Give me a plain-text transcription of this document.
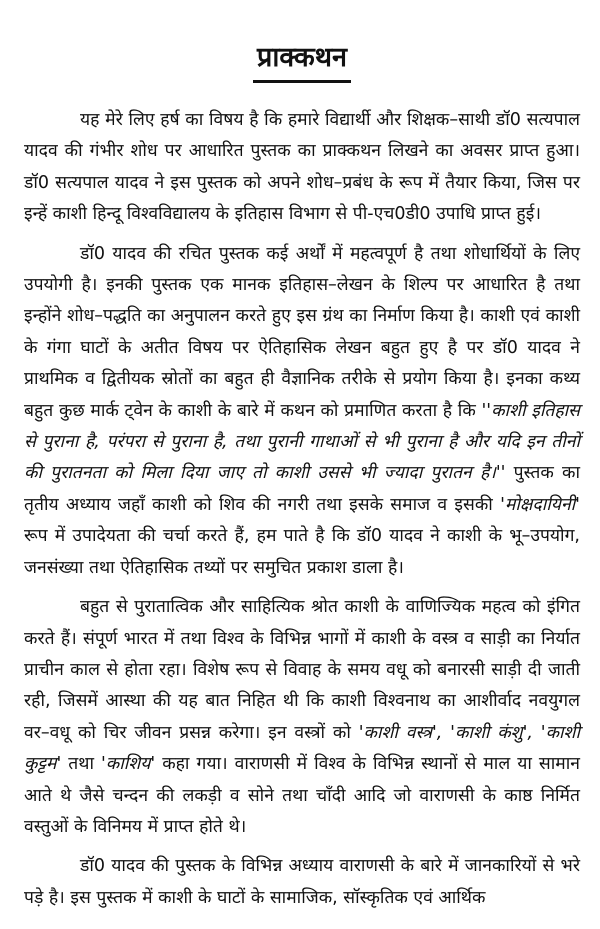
प्राक्कथन

यह मेरे लिए हर्ष का विषय है कि हमारे विद्यार्थी और शिक्षक–साथी डॉ0 सत्यपाल यादव की गंभीर शोध पर आधारित पुस्तक का प्राक्कथन लिखने का अवसर प्राप्त हुआ। डॉ0 सत्यपाल यादव ने इस पुस्तक को अपने शोध–प्रबंध के रूप में तैयार किया, जिस पर इन्हें काशी हिन्दू विश्वविद्यालय के इतिहास विभाग से पी-एच0डी0 उपाधि प्राप्त हुई।

डॉ0 यादव की रचित पुस्तक कई अर्थों में महत्वपूर्ण है तथा शोधार्थियों के लिए उपयोगी है। इनकी पुस्तक एक मानक इतिहास–लेखन के शिल्प पर आधारित है तथा इन्होंने शोध–पद्धति का अनुपालन करते हुए इस ग्रंथ का निर्माण किया है। काशी एवं काशी के गंगा घाटों के अतीत विषय पर ऐतिहासिक लेखन बहुत हुए है पर डॉ0 यादव ने प्राथमिक व द्वितीयक स्रोतों का बहुत ही वैज्ञानिक तरीके से प्रयोग किया है। इनका कथ्य बहुत कुछ मार्क ट्वेन के काशी के बारे में कथन को प्रमाणित करता है कि ''काशी इतिहास से पुराना है, परंपरा से पुराना है, तथा पुरानी गाथाओं से भी पुराना है और यदि इन तीनों की पुरातनता को मिला दिया जाए तो काशी उससे भी ज्यादा पुरातन है।'' पुस्तक का तृतीय अध्याय जहाँ काशी को शिव की नगरी तथा इसके समाज व इसकी 'मोक्षदायिनी' रूप में उपादेयता की चर्चा करते हैं, हम पाते है कि डॉ0 यादव ने काशी के भू–उपयोग, जनसंख्या तथा ऐतिहासिक तथ्यों पर समुचित प्रकाश डाला है।

बहुत से पुरातात्विक और साहित्यिक श्रोत काशी के वाणिज्यिक महत्व को इंगित करते हैं। संपूर्ण भारत में तथा विश्व के विभिन्न भागों में काशी के वस्त्र व साड़ी का निर्यात प्राचीन काल से होता रहा। विशेष रूप से विवाह के समय वधू को बनारसी साड़ी दी जाती रही, जिसमें आस्था की यह बात निहित थी कि काशी विश्वनाथ का आशीर्वाद नवयुगल वर–वधू को चिर जीवन प्रसन्न करेगा। इन वस्त्रों को 'काशी वस्त्र', 'काशी कंशु', 'काशी कुट्टम' तथा 'काशिय' कहा गया। वाराणसी में विश्व के विभिन्न स्थानों से माल या सामान आते थे जैसे चन्दन की लकड़ी व सोने तथा चाँदी आदि जो वाराणसी के काष्ठ निर्मित वस्तुओं के विनिमय में प्राप्त होते थे।

डॉ0 यादव की पुस्तक के विभिन्न अध्याय वाराणसी के बारे में जानकारियों से भरे पड़े है। इस पुस्तक में काशी के घाटों के सामाजिक, सॉस्कृतिक एवं आर्थिक
